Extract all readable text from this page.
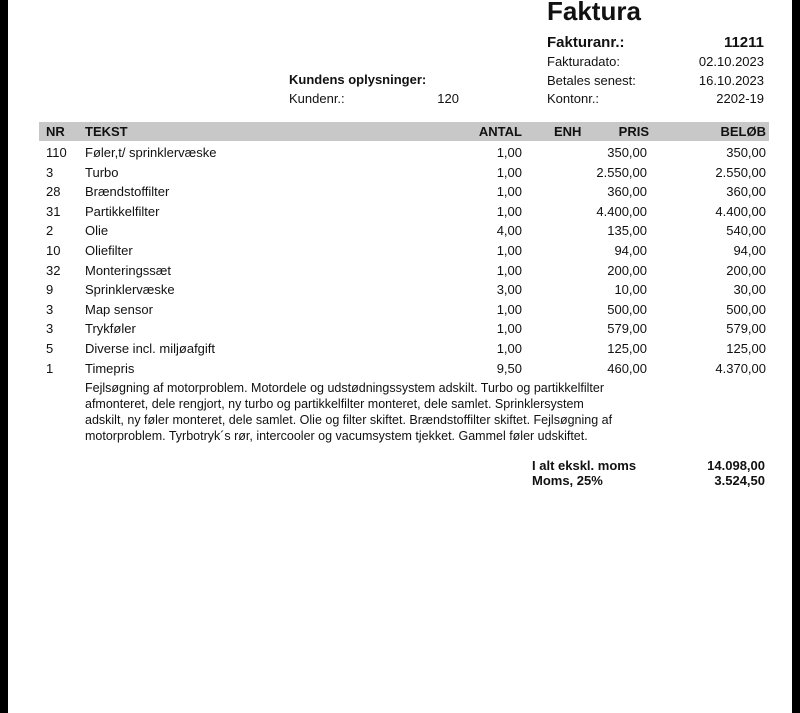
Faktura
Fakturanr.:	11211
Fakturadato:	02.10.2023
Betales senest:	16.10.2023
Kontonr.:	2202-19
Kundens oplysninger:
Kundenr.:	120
NR TEKST	ANTAL ENH	PRIS	BELØB
110 Føler,t/ sprinklervæske	1,00	350,00	350,00
3 Turbo	1,00	2.550,00	2.550,00
28 Brændstoffilter	1,00	360,00	360,00
31 Partikkelfilter	1,00	4.400,00	4.400,00
2 Olie	4,00	135,00	540,00
10 Oliefilter	1,00	94,00	94,00
32 Monteringssæt	1,00	200,00	200,00
9 Sprinklervæske	3,00	10,00	30,00
3 Map sensor	1,00	500,00	500,00
3 Trykføler	1,00	579,00	579,00
5 Diverse incl. miljøafgift	1,00	125,00	125,00
1 Timepris	9,50	460,00	4.370,00
Fejlsøgning af motorproblem. Motordele og udstødningssystem adskilt. Turbo og partikkelfilter
afmonteret, dele rengjort, ny turbo og partikkelfilter monteret, dele samlet. Sprinklersystem
adskilt, ny føler monteret, dele samlet. Olie og filter skiftet. Brændstoffilter skiftet. Fejlsøgning af
motorproblem. Tyrbotryk´s rør, intercooler og vacumsystem tjekket. Gammel føler udskiftet.
I alt ekskl. moms	14.098,00
Moms, 25%	3.524,50
